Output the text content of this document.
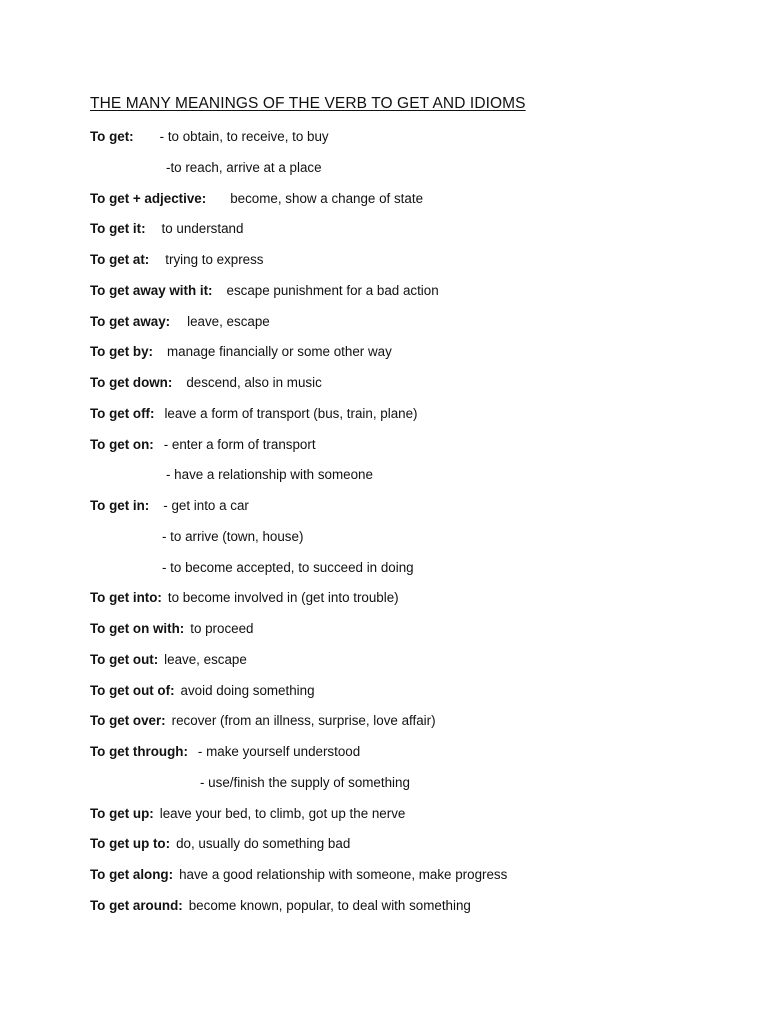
THE MANY MEANINGS OF THE VERB TO GET AND IDIOMS
To get: - to obtain, to receive, to buy
-to reach, arrive at a place
To get + adjective: become, show a change of state
To get it: to understand
To get at: trying to express
To get away with it: escape punishment for a bad action
To get away: leave, escape
To get by: manage financially or some other way
To get down: descend, also in music
To get off: leave a form of transport (bus, train, plane)
To get on: - enter a form of transport
- have a relationship with someone
To get in: - get into a car
- to arrive (town, house)
- to become accepted, to succeed in doing
To get into: to become involved in (get into trouble)
To get on with: to proceed
To get out: leave, escape
To get out of: avoid doing something
To get over: recover (from an illness, surprise, love affair)
To get through: - make yourself understood
- use/finish the supply of something
To get up: leave your bed, to climb, got up the nerve
To get up to: do, usually do something bad
To get along: have a good relationship with someone, make progress
To get around: become known, popular, to deal with something
